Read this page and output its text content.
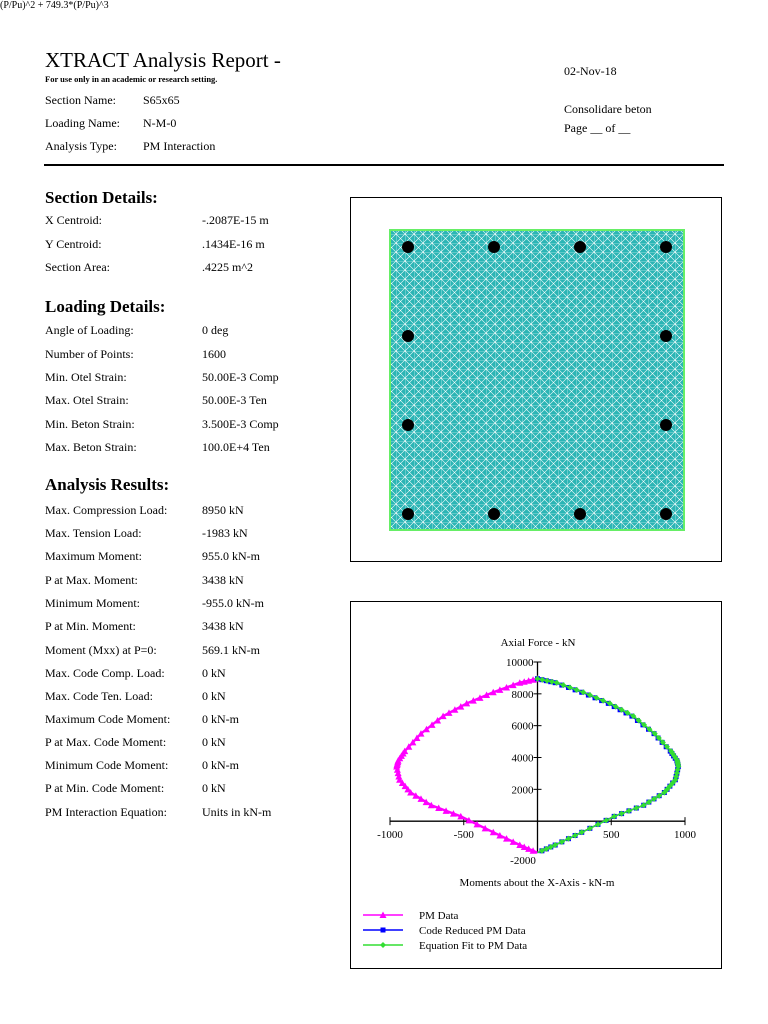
(P/Pu)^2 + 749.3*(P/Pu)^3
XTRACT Analysis Report -
For use only in an academic or research setting.
02-Nov-18
Consolidare beton
Page __ of __
Section Name: S65x65
Loading Name: N-M-0
Analysis Type: PM Interaction
Section Details:
X Centroid:	-.2087E-15 m
Y Centroid:	.1434E-16 m
Section Area:	.4225 m^2
Loading Details:
Angle of Loading:	0 deg
Number of Points:	1600
Min. Otel Strain:	50.00E-3 Comp
Max. Otel Strain:	50.00E-3 Ten
Min. Beton Strain:	3.500E-3 Comp
Max. Beton Strain:	100.0E+4 Ten
Analysis Results:
Max. Compression Load:	8950 kN
Max. Tension Load:	-1983 kN
Maximum Moment:	955.0 kN-m
P at Max. Moment:	3438 kN
Minimum Moment:	-955.0 kN-m
P at Min. Moment:	3438 kN
Moment (Mxx) at P=0:	569.1 kN-m
Max. Code Comp. Load:	0 kN
Max. Code Ten. Load:	0 kN
Maximum Code Moment:	0 kN-m
P at Max. Code Moment:	0 kN
Minimum Code Moment:	0 kN-m
P at Min. Code Moment:	0 kN
PM Interaction Equation:	Units in kN-m
Axial Force - kN
-1000	-500	500	1000
2000
4000
6000
8000
10000
Moments about the X-Axis - kN-m
-2000
PM Data
Code Reduced PM Data
Equation Fit to PM Data
